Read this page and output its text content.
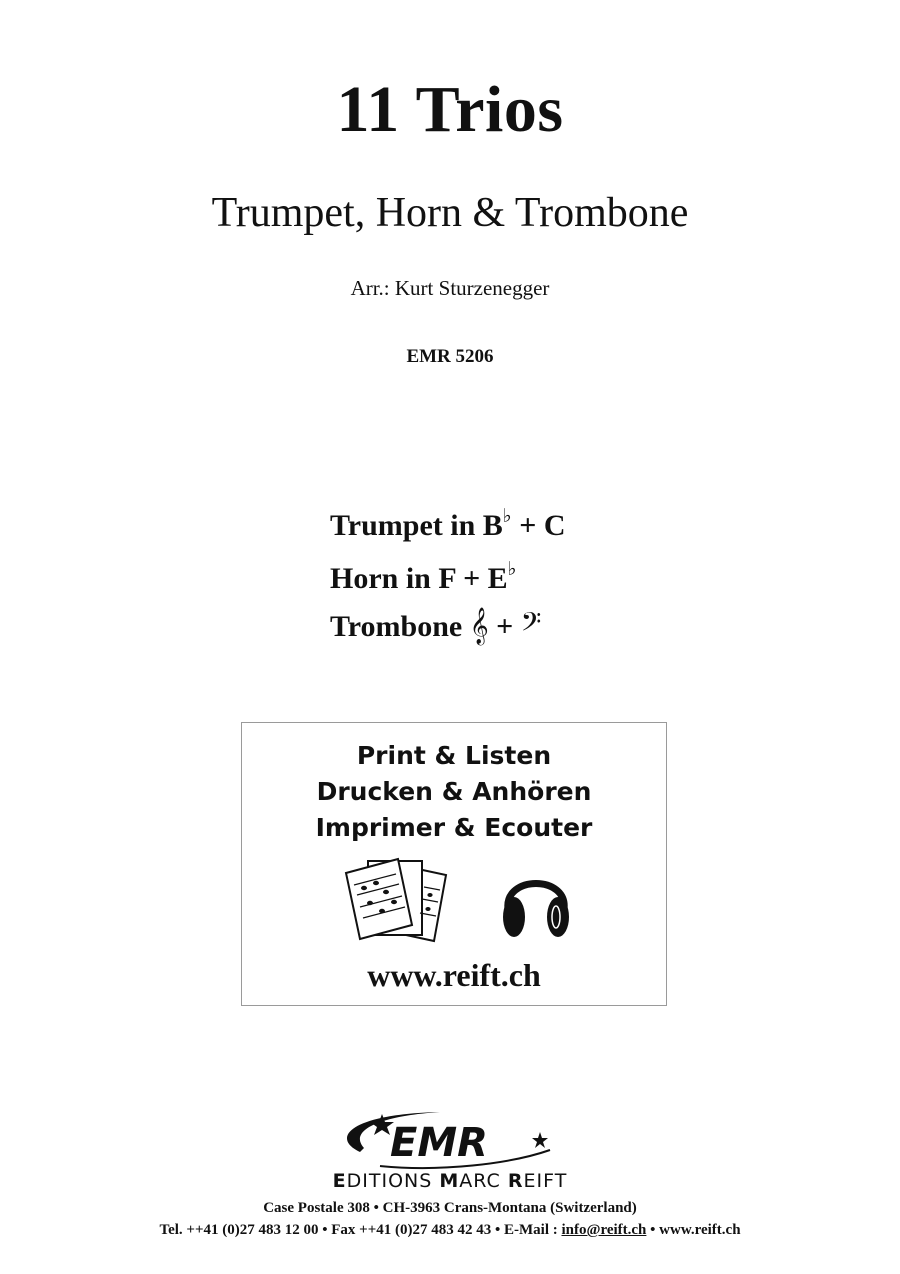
11 Trios
Trumpet, Horn & Trombone
Arr.: Kurt Sturzenegger
EMR 5206
Trumpet in B♭ + C
Horn in F + E♭
Trombone 𝄞 + 𝄢
Print & Listen
Drucken & Anhören
Imprimer & Ecouter
www.reift.ch
EMR
EDITIONS MARC REIFT
Case Postale 308 • CH-3963 Crans-Montana (Switzerland)
Tel. ++41 (0)27 483 12 00 • Fax ++41 (0)27 483 42 43 • E-Mail : info@reift.ch • www.reift.ch
